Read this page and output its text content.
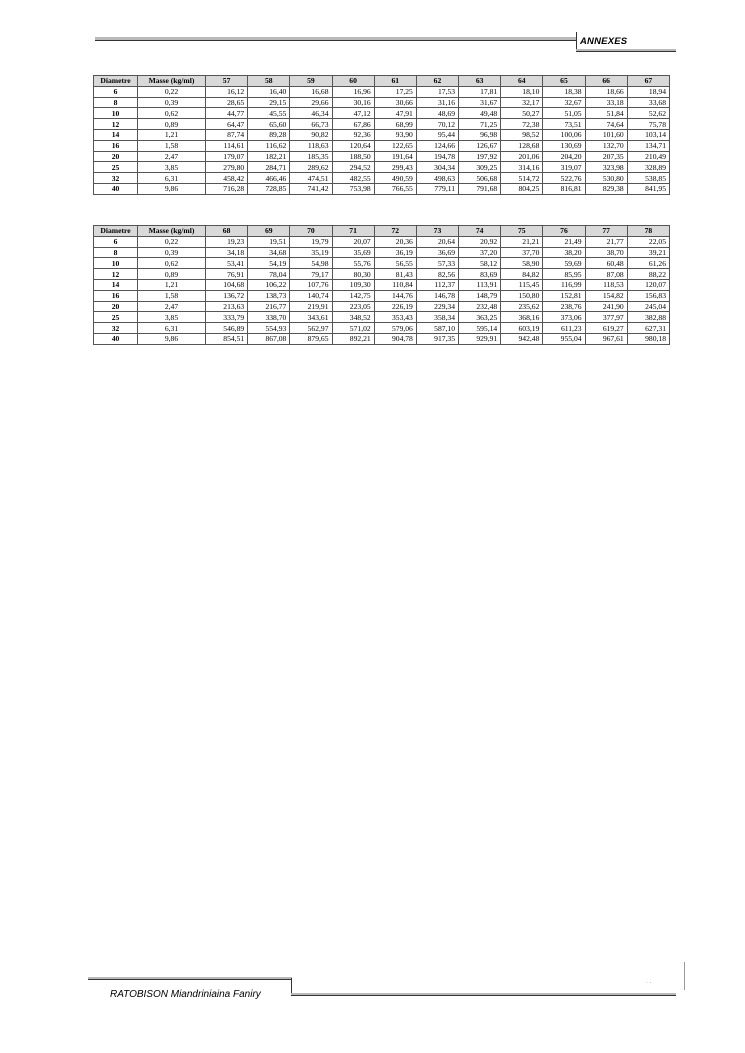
ANNEXES
Diametre	Masse (kg/ml)	57	58	59	60	61	62	63	64	65	66	67
6	0,22	16,12	16,40	16,68	16,96	17,25	17,53	17,81	18,10	18,38	18,66	18,94
8	0,39	28,65	29,15	29,66	30,16	30,66	31,16	31,67	32,17	32,67	33,18	33,68
10	0,62	44,77	45,55	46,34	47,12	47,91	48,69	49,48	50,27	51,05	51,84	52,62
12	0,89	64,47	65,60	66,73	67,86	68,99	70,12	71,25	72,38	73,51	74,64	75,78
14	1,21	87,74	89,28	90,82	92,36	93,90	95,44	96,98	98,52	100,06	101,60	103,14
16	1,58	114,61	116,62	118,63	120,64	122,65	124,66	126,67	128,68	130,69	132,70	134,71
20	2,47	179,07	182,21	185,35	188,50	191,64	194,78	197,92	201,06	204,20	207,35	210,49
25	3,85	279,80	284,71	289,62	294,52	299,43	304,34	309,25	314,16	319,07	323,98	328,89
32	6,31	458,42	466,46	474,51	482,55	490,59	498,63	506,68	514,72	522,76	530,80	538,85
40	9,86	716,28	728,85	741,42	753,98	766,55	779,11	791,68	804,25	816,81	829,38	841,95
Diametre	Masse (kg/ml)	68	69	70	71	72	73	74	75	76	77	78
6	0,22	19,23	19,51	19,79	20,07	20,36	20,64	20,92	21,21	21,49	21,77	22,05
8	0,39	34,18	34,68	35,19	35,69	36,19	36,69	37,20	37,70	38,20	38,70	39,21
10	0,62	53,41	54,19	54,98	55,76	56,55	57,33	58,12	58,90	59,69	60,48	61,26
12	0,89	76,91	78,04	79,17	80,30	81,43	82,56	83,69	84,82	85,95	87,08	88,22
14	1,21	104,68	106,22	107,76	109,30	110,84	112,37	113,91	115,45	116,99	118,53	120,07
16	1,58	136,72	138,73	140,74	142,75	144,76	146,78	148,79	150,80	152,81	154,82	156,83
20	2,47	213,63	216,77	219,91	223,05	226,19	229,34	232,48	235,62	238,76	241,90	245,04
25	3,85	333,79	338,70	343,61	348,52	353,43	358,34	363,25	368,16	373,06	377,97	382,88
32	6,31	546,89	554,93	562,97	571,02	579,06	587,10	595,14	603,19	611,23	619,27	627,31
40	9,86	854,51	867,08	879,65	892,21	904,78	917,35	929,91	942,48	955,04	967,61	980,18
· ·
RATOBISON Miandriniaina Faniry
